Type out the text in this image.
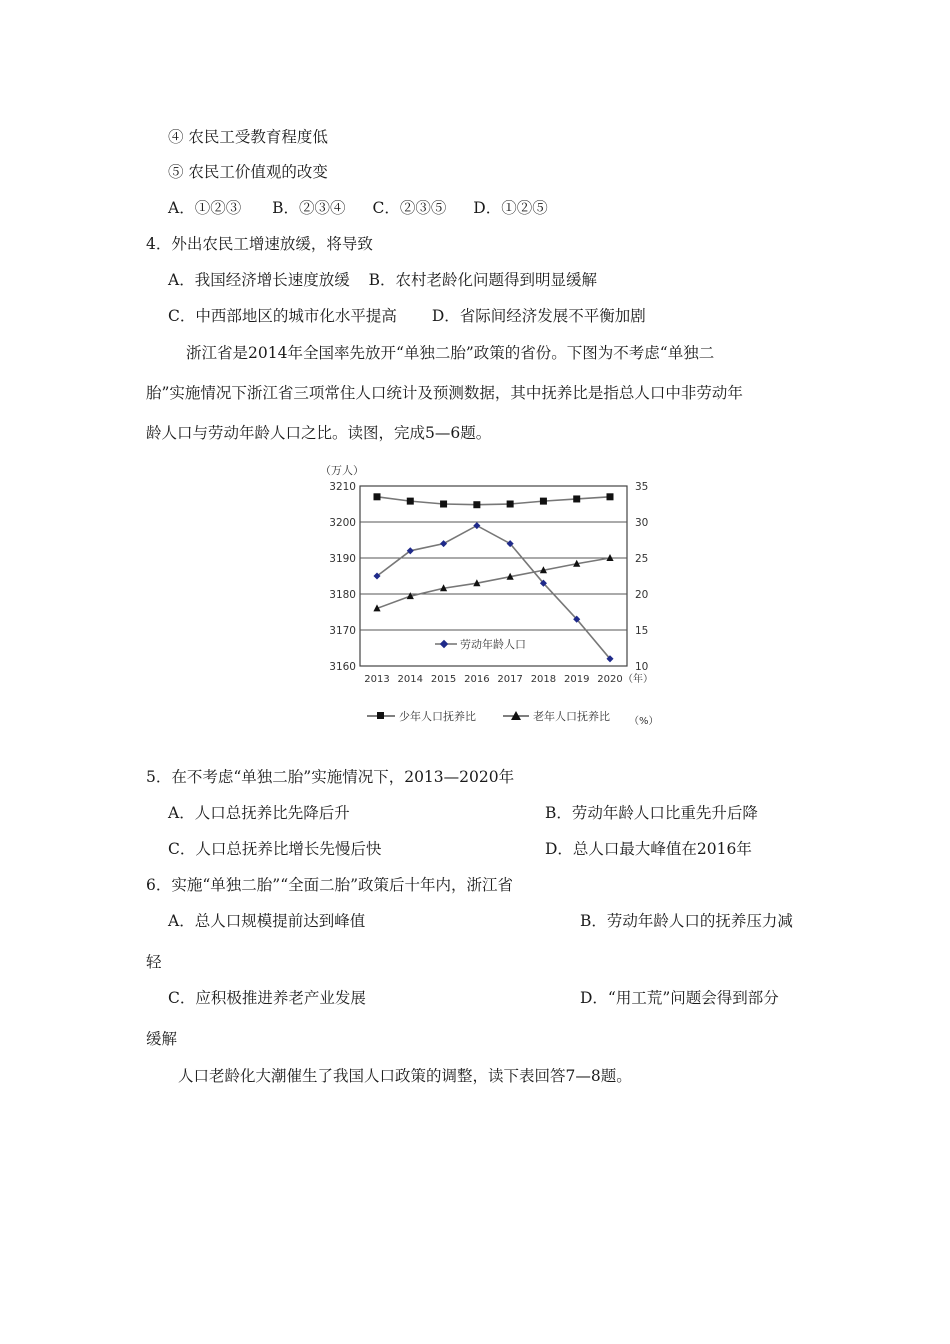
④ 农民工受教育程度低
⑤ 农民工价值观的改变
A．①②③ B．②③④ C．②③⑤ D．①②⑤
4．外出农民工增速放缓，将导致
A．我国经济增长速度放缓 B．农村老龄化问题得到明显缓解
C．中西部地区的城市化水平提高 D．省际间经济发展不平衡加剧
浙江省是2014年全国率先放开“单独二胎”政策的省份。下图为不考虑“单独二
胎”实施情况下浙江省三项常住人口统计及预测数据，其中抚养比是指总人口中非劳动年
龄人口与劳动年龄人口之比。读图，完成5—6题。
（万人）
3210
3200
3190
3180
3170
3160
35
30
25
20
15
10
2013 2014 2015 2016 2017 2018 2019 2020
劳动年龄人口
（年）
少年人口抚养比	老年人口抚养比 （%）
5．在不考虑“单独二胎”实施情况下，2013—2020年
A．人口总抚养比先降后升	B．劳动年龄人口比重先升后降
C．人口总抚养比增长先慢后快	D．总人口最大峰值在2016年
6．实施“单独二胎”“全面二胎”政策后十年内，浙江省
A．总人口规模提前达到峰值	B．劳动年龄人口的抚养压力减
轻
C．应积极推进养老产业发展	D．“用工荒”问题会得到部分
缓解
人口老龄化大潮催生了我国人口政策的调整，读下表回答7—8题。
